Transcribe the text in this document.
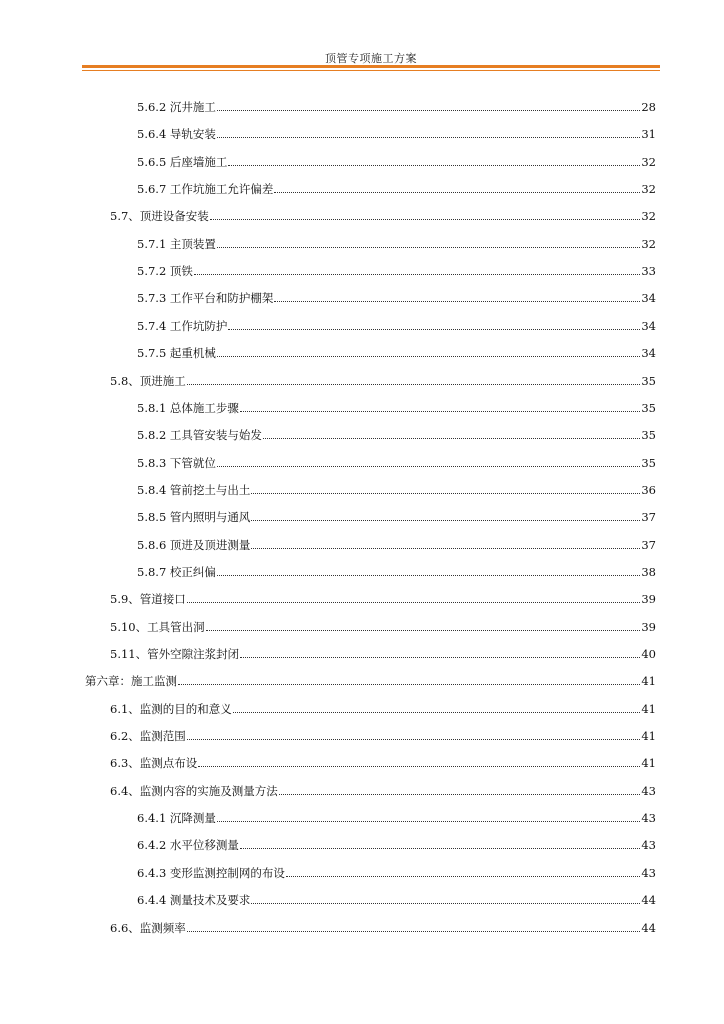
顶管专项施工方案
5.6.2 沉井施工	28
5.6.4 导轨安装	31
5.6.5 后座墙施工	32
5.6.7 工作坑施工允许偏差	32
5.7、顶进设备安装	32
5.7.1 主顶装置	32
5.7.2 顶铁	33
5.7.3 工作平台和防护棚架	34
5.7.4 工作坑防护	34
5.7.5 起重机械	34
5.8、顶进施工	35
5.8.1 总体施工步骤	35
5.8.2 工具管安装与始发	35
5.8.3 下管就位	35
5.8.4 管前挖土与出土	36
5.8.5 管内照明与通风	37
5.8.6 顶进及顶进测量	37
5.8.7 校正纠偏	38
5.9、管道接口	39
5.10、工具管出洞	39
5.11、管外空隙注浆封闭	40
第六章：施工监测	41
6.1、监测的目的和意义	41
6.2、监测范围	41
6.3、监测点布设	41
6.4、监测内容的实施及测量方法	43
6.4.1 沉降测量	43
6.4.2 水平位移测量	43
6.4.3 变形监测控制网的布设	43
6.4.4 测量技术及要求	44
6.6、监测频率	44
